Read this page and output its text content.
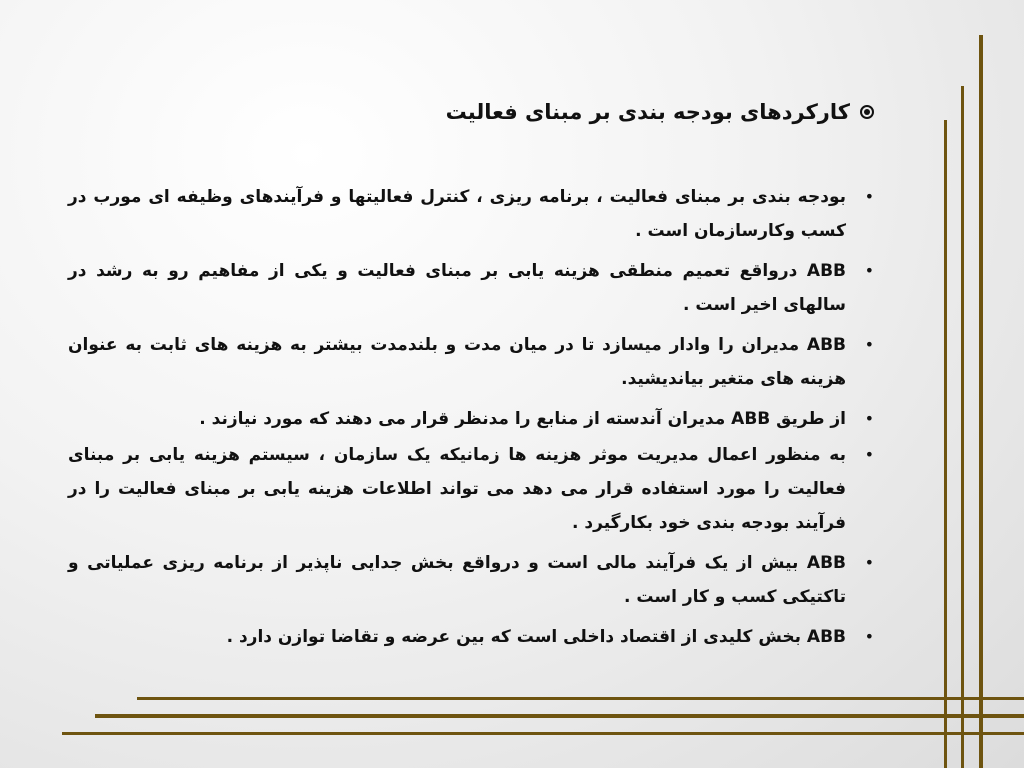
کارکردهای بودجه بندی بر مبنای فعالیت
•
بودجه بندی بر مبنای فعالیت ، برنامه ریزی ، کنترل فعالیتها و فرآیندهای وظیفه ای مورب در کسب وکارسازمان است .
•
ABB درواقع تعمیم منطقی هزینه یابی بر مبنای فعالیت و یکی از مفاهیم رو به رشد در سالهای اخیر است .
•
ABB مدیران را وادار میسازد تا در میان مدت و بلندمدت بیشتر به هزینه های ثابت به عنوان هزینه های متغیر بیاندیشید.
•
از طریق ABB مدیران آندسته از منابع را مدنظر قرار می دهند که مورد نیازند .
•
به منظور اعمال مدیریت موثر هزینه ها زمانیکه یک سازمان ، سیستم هزینه یابی بر مبنای فعالیت را مورد استفاده قرار می دهد می تواند اطلاعات هزینه یابی بر مبنای فعالیت را در فرآیند بودجه بندی خود بکارگیرد .
•
ABB بیش از یک فرآیند مالی است و درواقع بخش جدایی ناپذیر از برنامه ریزی عملیاتی و تاکتیکی کسب و کار است .
•
ABB بخش کلیدی از اقتصاد داخلی است که بین عرضه و تقاضا توازن دارد .
